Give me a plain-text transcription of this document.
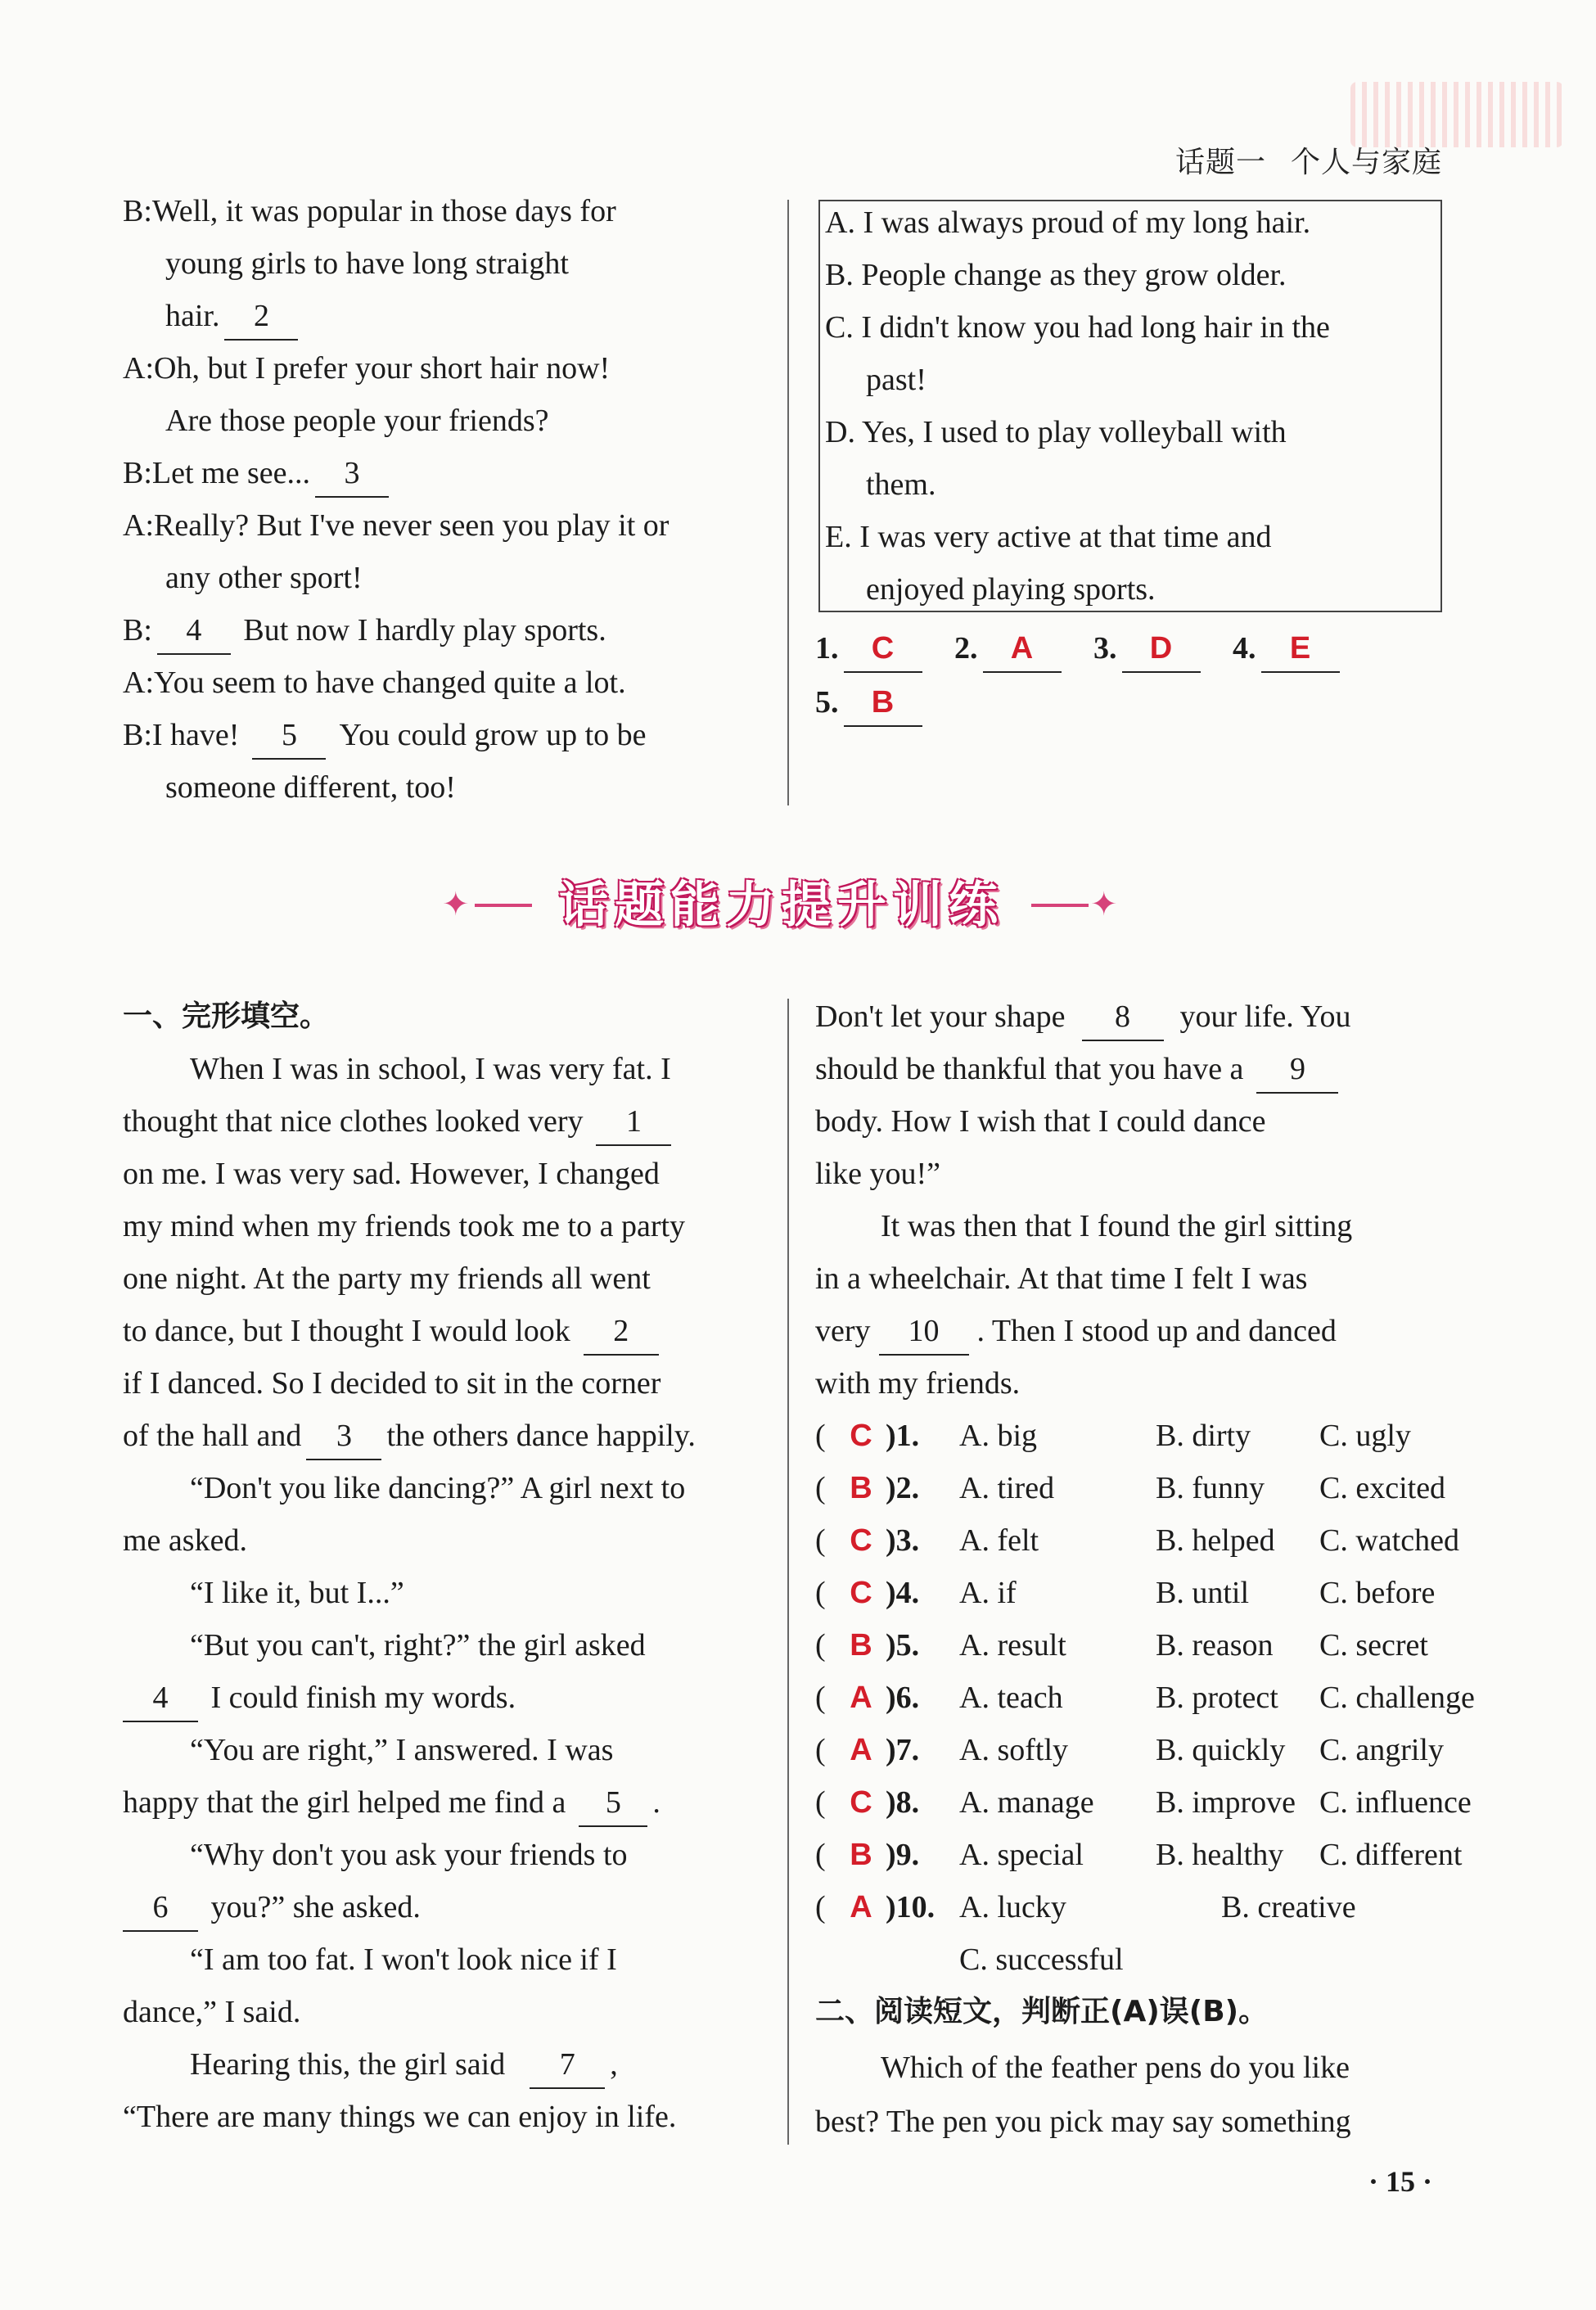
话题一 个人与家庭
B:Well, it was popular in those days for
young girls to have long straight
hair. 2
A:Oh, but I prefer your short hair now!
Are those people your friends?
B:Let me see... 3
A:Really? But I've never seen you play it or
any other sport!
B: 4 But now I hardly play sports.
A:You seem to have changed quite a lot.
B:I have! 5 You could grow up to be
someone different, too!
A. I was always proud of my long hair.
B. People change as they grow older.
C. I didn't know you had long hair in the
past!
D. Yes, I used to play volleyball with
them.
E. I was very active at that time and
enjoyed playing sports.
1. C 2. A 3. D 4. E
5. B
✦	话题能力提升训练	✦
一、完形填空。
When I was in school, I was very fat. I
thought that nice clothes looked very 1
on me. I was very sad. However, I changed
my mind when my friends took me to a party
one night. At the party my friends all went
to dance, but I thought I would look 2
if I danced. So I decided to sit in the corner
of the hall and 3 the others dance happily.
“Don't you like dancing?” A girl next to
me asked.
“I like it, but I...”
“But you can't, right?” the girl asked
4 I could finish my words.
“You are right,” I answered. I was
happy that the girl helped me find a 5 .
“Why don't you ask your friends to
6 you?” she asked.
“I am too fat. I won't look nice if I
dance,” I said.
Hearing this, the girl said 7 ,
“There are many things we can enjoy in life.
Don't let your shape 8 your life. You
should be thankful that you have a 9
body. How I wish that I could dance
like you!”
It was then that I found the girl sitting
in a wheelchair. At that time I felt I was
very 10 . Then I stood up and danced
with my friends.
( C )1. A. big	B. dirty C. ugly
( B )2. A. tired	B. funny C. excited
( C )3. A. felt	B. helped C. watched
( C )4. A. if	B. until C. before
( B )5. A. result	B. reason C. secret
( A )6. A. teach	B. protect C. challenge
( A )7. A. softly	B. quickly C. angrily
( C )8. A. manage B. improve C. influence
( B )9. A. special B. healthy C. different
( A )10. A. lucky	B. creative
C. successful
二、阅读短文，判断正(A)误(B)。
Which of the feather pens do you like
best? The pen you pick may say something
· 15 ·
